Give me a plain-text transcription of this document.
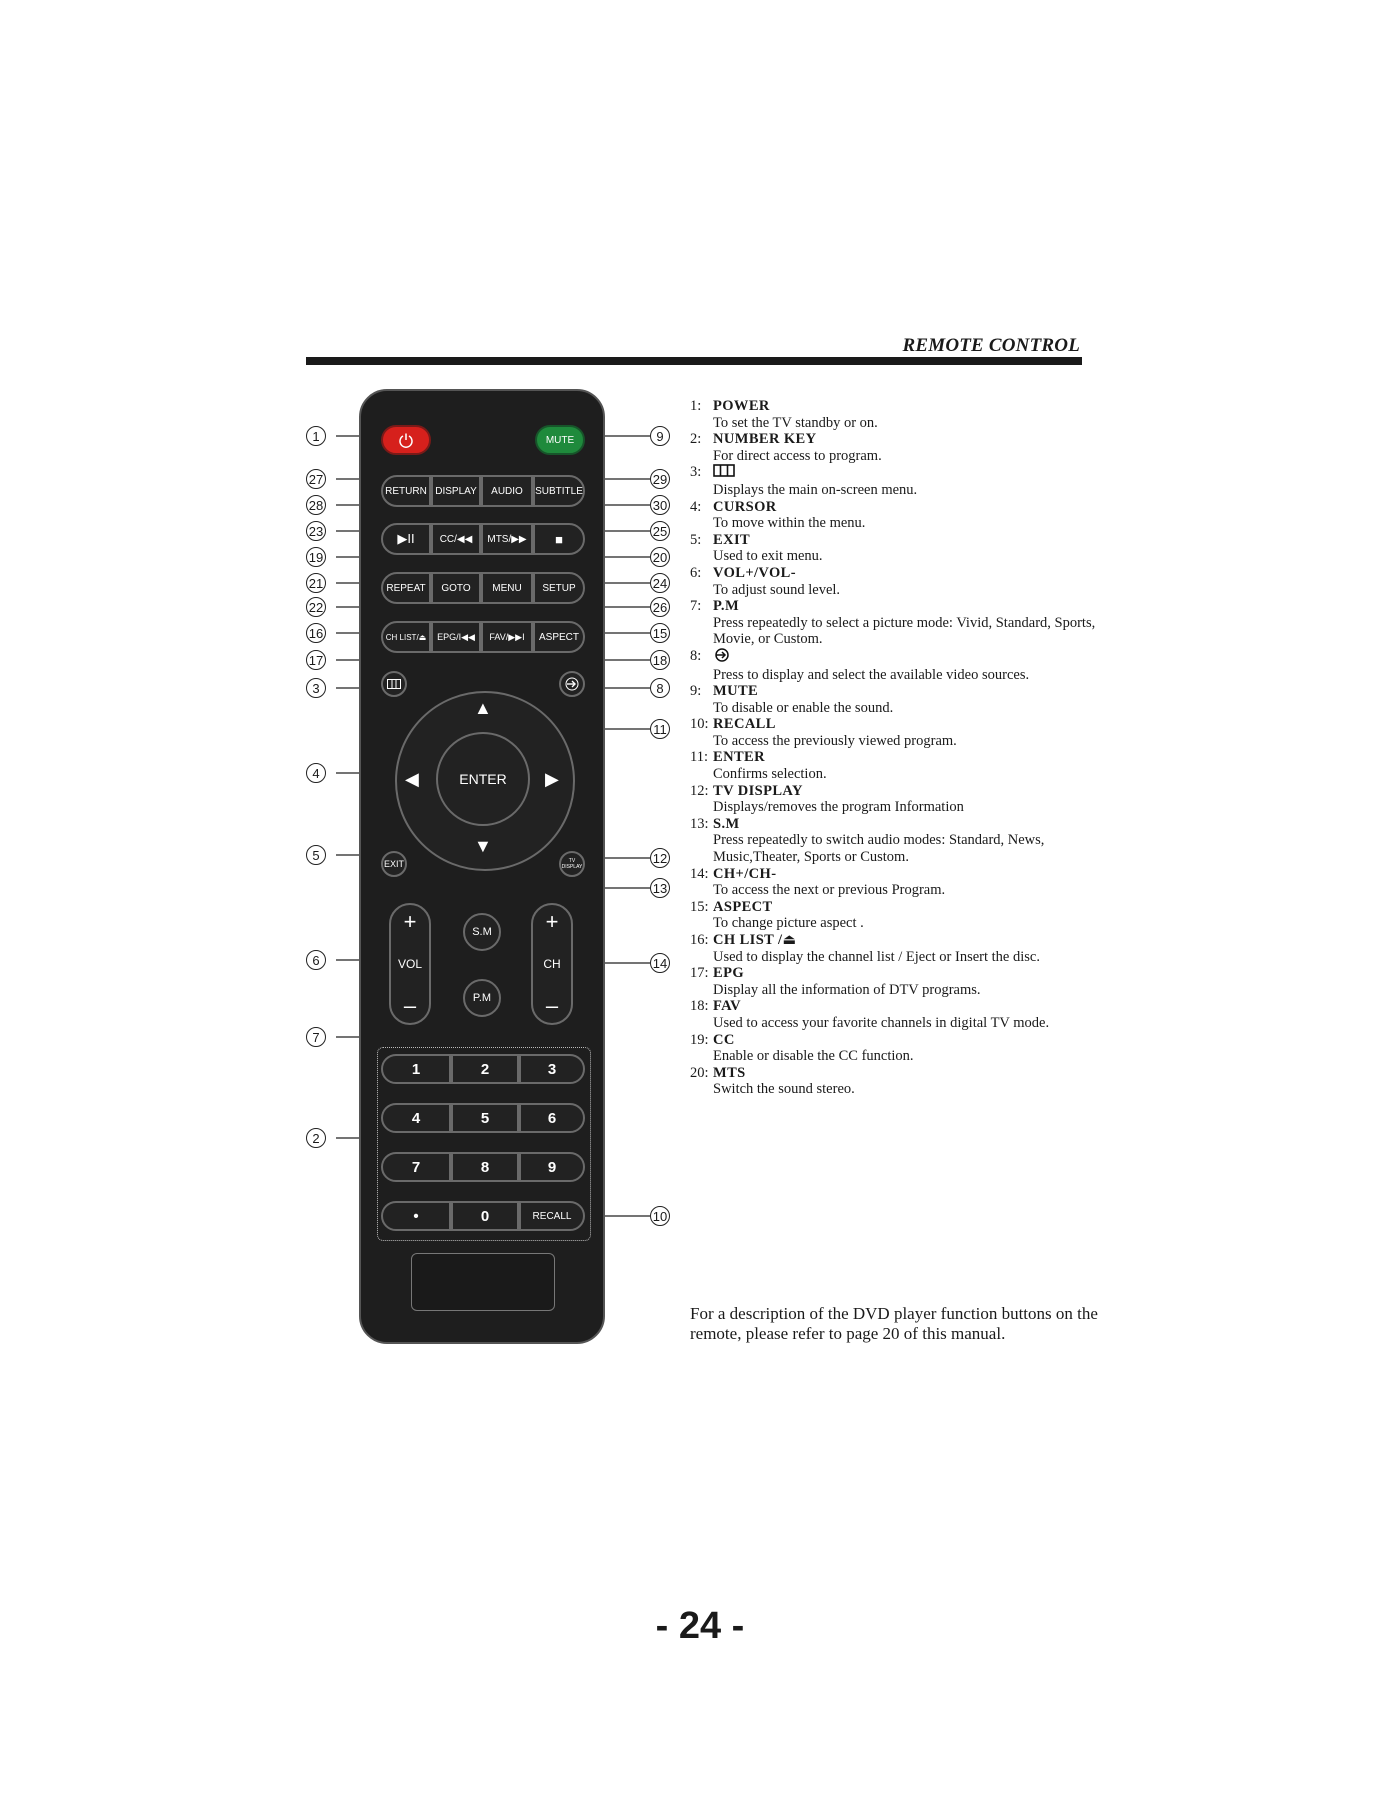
REMOTE CONTROL
MUTE
RETURN DISPLAY	AUDIO	SUBTITLE
▶II	CC/◀◀	MTS/▶▶	■
REPEAT	GOTO	MENU	SETUP
CH LIST/⏏	EPG/I◀◀	FAV/▶▶I	ASPECT
▲
▼
◀	▶
ENTER
EXIT	TV DISPLAY
+
VOL
–
+
CH
–
S.M
P.M
1	2	3
4	5	6
7	8	9
•	0	RECALL
1
27
28
23
19
21
22
16
17
3
4
5
6
7
2
9
29
30
25
20
24
26
15
18
8
11
12
13
14
10
1: POWER
To set the TV standby or on.
2: NUMBER KEY
For direct access to program.
3:
Displays the main on-screen menu.
4: CURSOR
To move within the menu.
5: EXIT
Used to exit menu.
6: VOL+/VOL-
To adjust sound level.
7: P.M
Press repeatedly to select a picture mode: Vivid, Standard, Sports, Movie, or Custom.
8:
Press to display and select the available video sources.
9: MUTE
To disable or enable the sound.
10: RECALL
To access the previously viewed program.
11: ENTER
Confirms selection.
12: TV DISPLAY
Displays/removes the program Information
13: S.M
Press repeatedly to switch audio modes: Standard, News, Music,Theater, Sports or Custom.
14: CH+/CH-
To access the next or previous Program.
15: ASPECT
To change picture aspect .
16: CH LIST /⏏
Used to display the channel list / Eject or Insert the disc.
17: EPG
Display all the information of DTV programs.
18: FAV
Used to access your favorite channels in digital TV mode.
19: CC
Enable or disable the CC function.
20: MTS
Switch the sound stereo.
For a description of the DVD player function buttons on the remote, please refer to page 20 of this manual.
- 24 -
